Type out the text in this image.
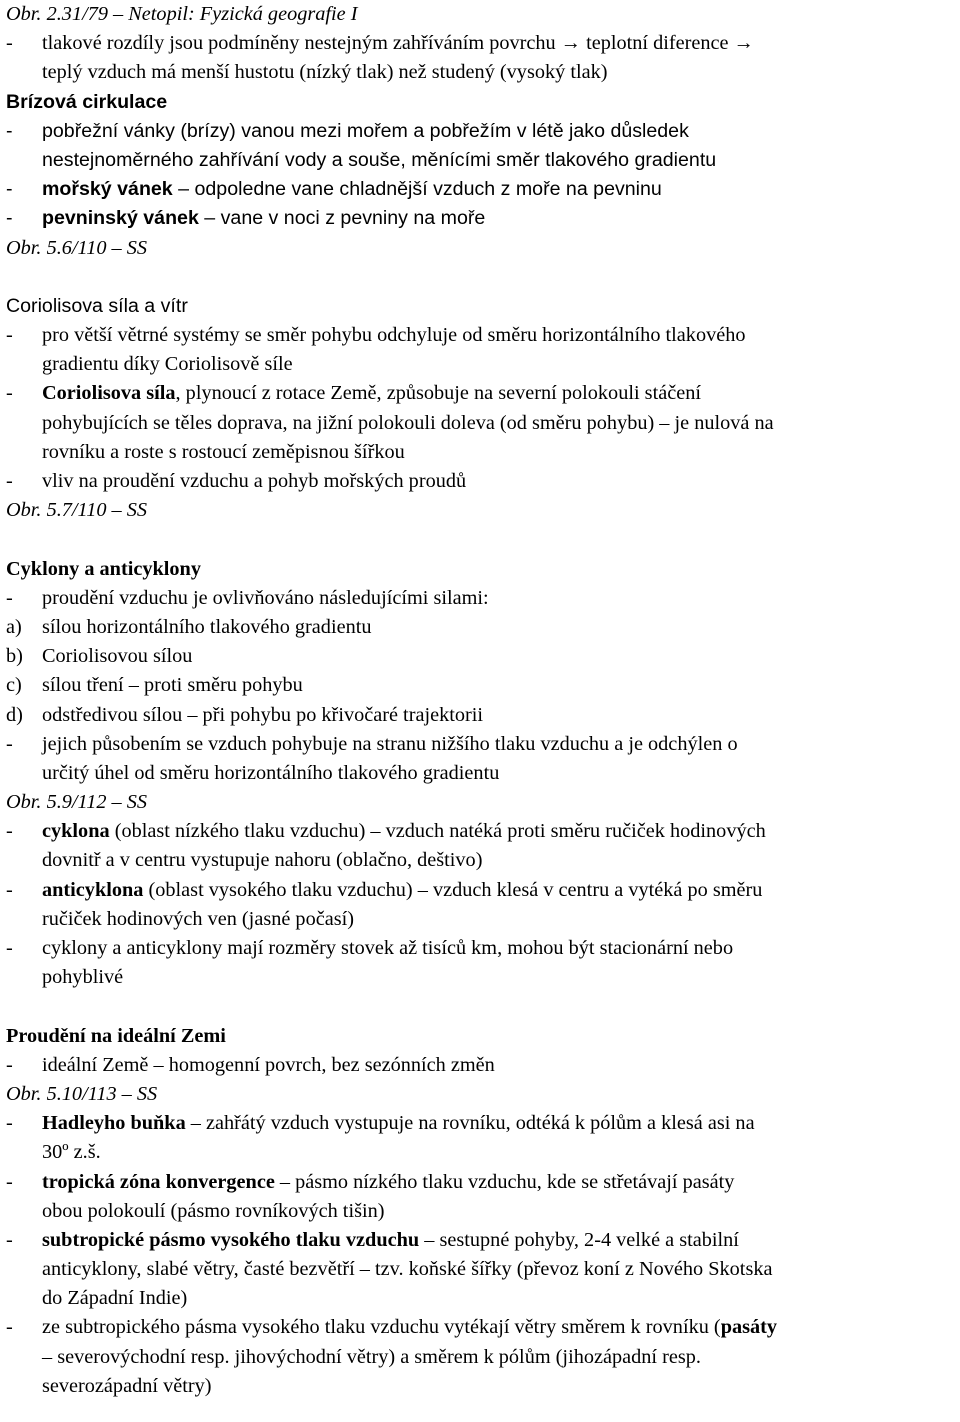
Obr. 2.31/79 – Netopil: Fyzická geografie I
- tlakové rozdíly jsou podmíněny nestejným zahříváním povrchu → teplotní diference →
teplý vzduch má menší hustotu (nízký tlak) než studený (vysoký tlak)
Brízová cirkulace
- pobřežní vánky (brízy) vanou mezi mořem a pobřežím v létě jako důsledek
nestejnoměrného zahřívání vody a souše, měnícími směr tlakového gradientu
- mořský vánek – odpoledne vane chladnější vzduch z moře na pevninu
- pevninský vánek – vane v noci z pevniny na moře
Obr. 5.6/110 – SS
Coriolisova síla a vítr
- pro větší větrné systémy se směr pohybu odchyluje od směru horizontálního tlakového
gradientu díky Coriolisově síle
- Coriolisova síla, plynoucí z rotace Země, způsobuje na severní polokouli stáčení
pohybujících se těles doprava, na jižní polokouli doleva (od směru pohybu) – je nulová na
rovníku a roste s rostoucí zeměpisnou šířkou
- vliv na proudění vzduchu a pohyb mořských proudů
Obr. 5.7/110 – SS
Cyklony a anticyklony
- proudění vzduchu je ovlivňováno následujícími silami:
a) sílou horizontálního tlakového gradientu
b) Coriolisovou sílou
c) sílou tření – proti směru pohybu
d) odstředivou sílou – při pohybu po křivočaré trajektorii
- jejich působením se vzduch pohybuje na stranu nižšího tlaku vzduchu a je odchýlen o
určitý úhel od směru horizontálního tlakového gradientu
Obr. 5.9/112 – SS
- cyklona (oblast nízkého tlaku vzduchu) – vzduch natéká proti směru ručiček hodinových
dovnitř a v centru vystupuje nahoru (oblačno, deštivo)
- anticyklona (oblast vysokého tlaku vzduchu) – vzduch klesá v centru a vytéká po směru
ručiček hodinových ven (jasné počasí)
- cyklony a anticyklony mají rozměry stovek až tisíců km, mohou být stacionární nebo
pohyblivé
Proudění na ideální Zemi
- ideální Země – homogenní povrch, bez sezónních změn
Obr. 5.10/113 – SS
- Hadleyho buňka – zahřátý vzduch vystupuje na rovníku, odtéká k pólům a klesá asi na
30º z.š.
- tropická zóna konvergence – pásmo nízkého tlaku vzduchu, kde se střetávají pasáty
obou polokoulí (pásmo rovníkových tišin)
- subtropické pásmo vysokého tlaku vzduchu – sestupné pohyby, 2-4 velké a stabilní
anticyklony, slabé větry, časté bezvětří – tzv. koňské šířky (převoz koní z Nového Skotska
do Západní Indie)
- ze subtropického pásma vysokého tlaku vzduchu vytékají větry směrem k rovníku (pasáty
– severovýchodní resp. jihovýchodní větry) a směrem k pólům (jihozápadní resp.
severozápadní větry)
